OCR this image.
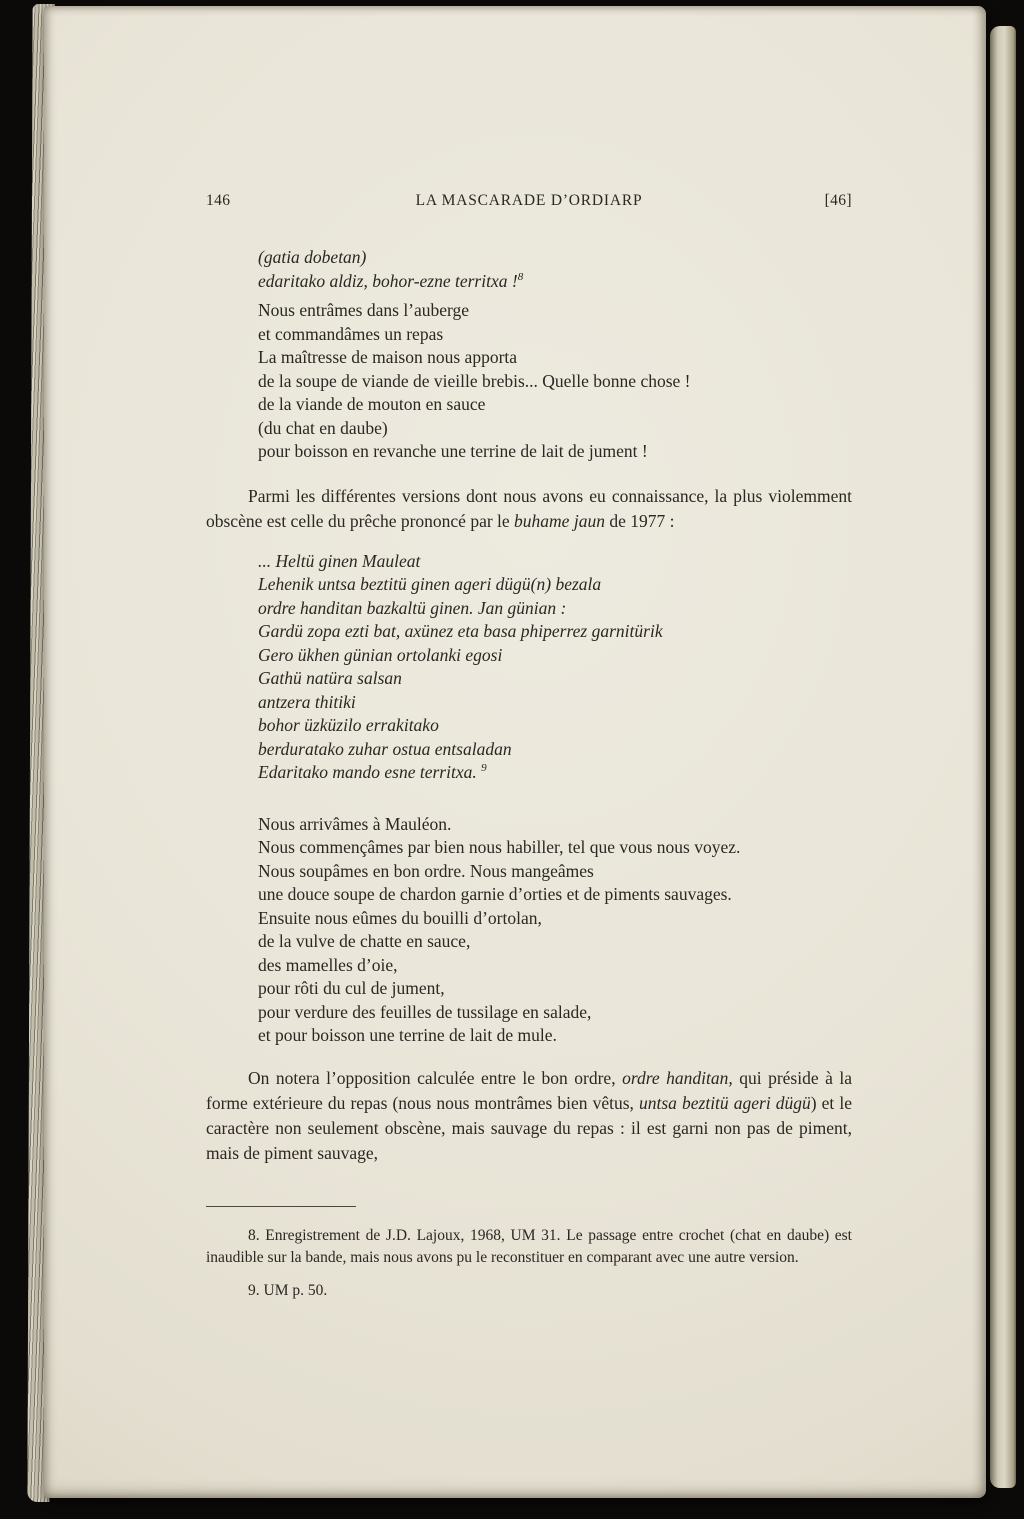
146	LA MASCARADE D’ORDIARP	[46]
(gatia dobetan)
edaritako aldiz, bohor-ezne territxa !$^8$
Nous entrâmes dans l’auberge
et commandâmes un repas
La maîtresse de maison nous apporta
de la soupe de viande de vieille brebis... Quelle bonne chose !
de la viande de mouton en sauce
(du chat en daube)
pour boisson en revanche une terrine de lait de jument !
Parmi les différentes versions dont nous avons eu connaissance, la plus violemment obscène est celle du prêche prononcé par le buhame jaun de 1977 :
... Heltü ginen Mauleat
Lehenik untsa beztitü ginen ageri dügü(n) bezala
ordre handitan bazkaltü ginen. Jan günian :
Gardü zopa ezti bat, axünez eta basa phiperrez garnitürik
Gero ükhen günian ortolanki egosi
Gathü natüra salsan
antzera thitiki
bohor üzküzilo errakitako
berduratako zuhar ostua entsaladan
Edaritako mando esne territxa. $^9$
Nous arrivâmes à Mauléon.
Nous commençâmes par bien nous habiller, tel que vous nous voyez.
Nous soupâmes en bon ordre. Nous mangeâmes
une douce soupe de chardon garnie d’orties et de piments sauvages.
Ensuite nous eûmes du bouilli d’ortolan,
de la vulve de chatte en sauce,
des mamelles d’oie,
pour rôti du cul de jument,
pour verdure des feuilles de tussilage en salade,
et pour boisson une terrine de lait de mule.
On notera l’opposition calculée entre le bon ordre, ordre handitan, qui préside à la forme extérieure du repas (nous nous montrâmes bien vêtus, untsa beztitü ageri dügü) et le caractère non seulement obscène, mais sauvage du repas : il est garni non pas de piment, mais de piment sauvage,

8. Enregistrement de J.D. Lajoux, 1968, UM 31. Le passage entre crochet (chat en daube) est inaudible sur la bande, mais nous avons pu le reconstituer en comparant avec une autre version.

9. UM p. 50.
